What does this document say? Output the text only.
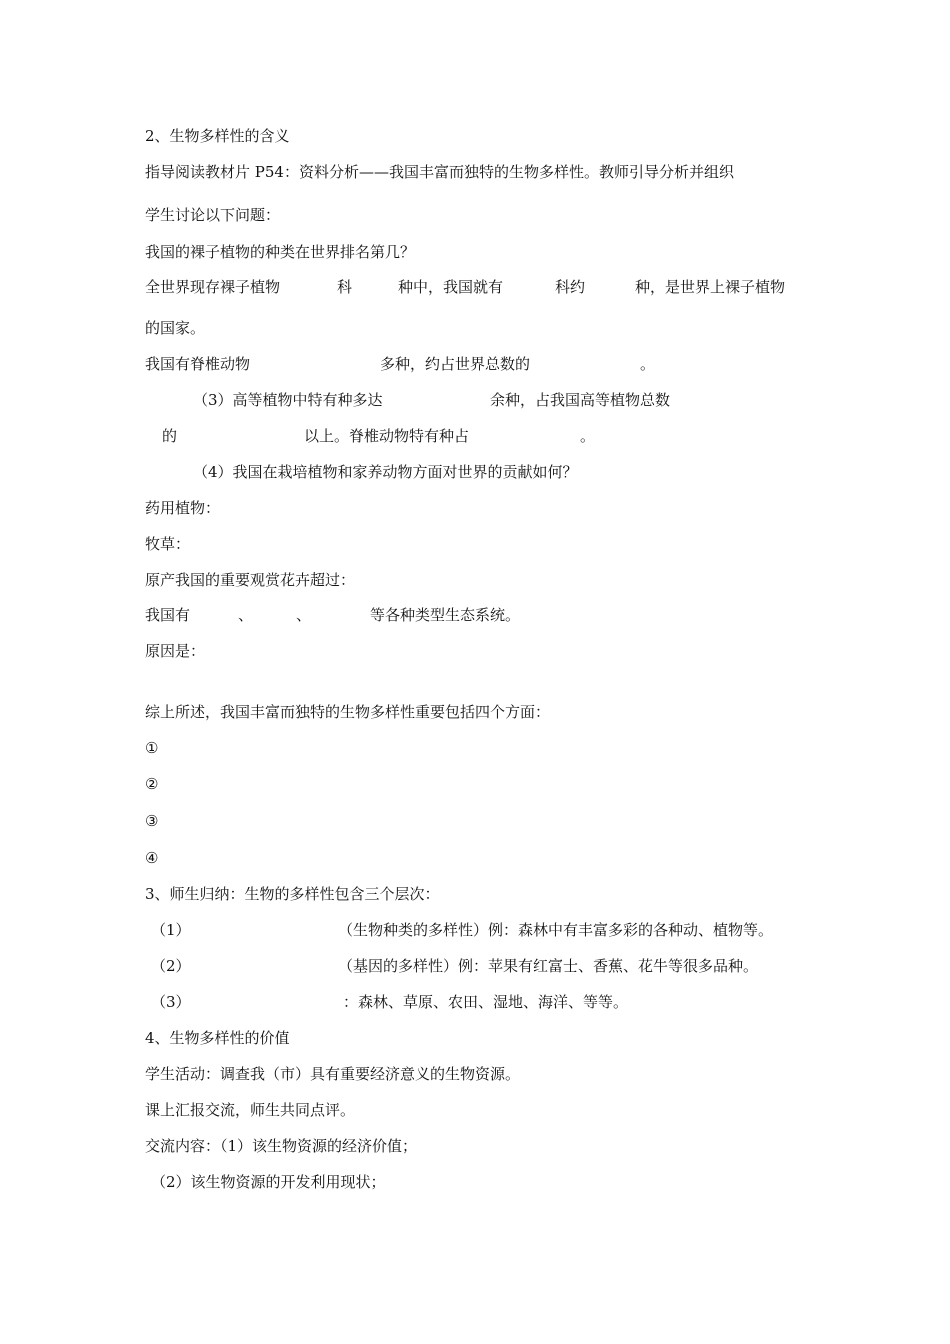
2、生物多样性的含义
指导阅读教材片 P54：资料分析——我国丰富而独特的生物多样性。教师引导分析并组织
学生讨论以下问题：
我国的裸子植物的种类在世界排名第几？
全世界现存裸子植物	科	种中，我国就有	科约	种，是世界上裸子植物
的国家。
我国有脊椎动物	多种，约占世界总数的	。
（3）高等植物中特有种多达	余种，占我国高等植物总数
的	以上。脊椎动物特有种占	。
（4）我国在栽培植物和家养动物方面对世界的贡献如何？
药用植物：
牧草：
原产我国的重要观赏花卉超过：
我国有	、	、	等各种类型生态系统。
原因是：
综上所述，我国丰富而独特的生物多样性重要包括四个方面：
①
②
③
④
3、师生归纳：生物的多样性包含三个层次：
（1）	（生物种类的多样性）例：森林中有丰富多彩的各种动、植物等。
（2）	（基因的多样性）例：苹果有红富士、香蕉、花牛等很多品种。
（3）	：森林、草原、农田、湿地、海洋、等等。
4、生物多样性的价值
学生活动：调查我（市）具有重要经济意义的生物资源。
课上汇报交流，师生共同点评。
交流内容：（1）该生物资源的经济价值；
（2）该生物资源的开发利用现状；
